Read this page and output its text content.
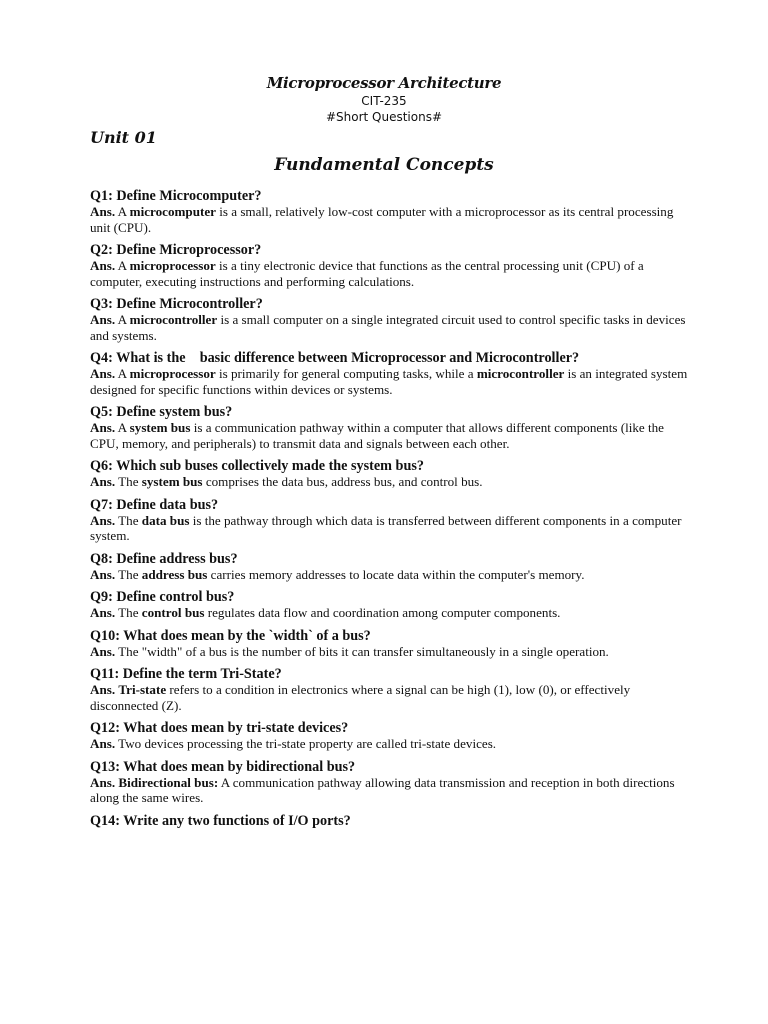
Microprocessor Architecture
CIT-235
#Short Questions#
Unit 01
Fundamental Concepts
Q1: Define Microcomputer?
Ans. A microcomputer is a small, relatively low-cost computer with a microprocessor as its central processing unit (CPU).
Q2: Define Microprocessor?
Ans. A microprocessor is a tiny electronic device that functions as the central processing unit (CPU) of a computer, executing instructions and performing calculations.
Q3: Define Microcontroller?
Ans. A microcontroller is a small computer on a single integrated circuit used to control specific tasks in devices and systems.
Q4: What is the    basic difference between Microprocessor and Microcontroller?
Ans. A microprocessor is primarily for general computing tasks, while a microcontroller is an integrated system designed for specific functions within devices or systems.
Q5: Define system bus?
Ans. A system bus is a communication pathway within a computer that allows different components (like the CPU, memory, and peripherals) to transmit data and signals between each other.
Q6: Which sub buses collectively made the system bus?
Ans. The system bus comprises the data bus, address bus, and control bus.
Q7: Define data bus?
Ans. The data bus is the pathway through which data is transferred between different components in a computer system.
Q8: Define address bus?
Ans. The address bus carries memory addresses to locate data within the computer's memory.
Q9: Define control bus?
Ans. The control bus regulates data flow and coordination among computer components.
Q10: What does mean by the `width` of a bus?
Ans. The "width" of a bus is the number of bits it can transfer simultaneously in a single operation.
Q11: Define the term Tri-State?
Ans. Tri-state refers to a condition in electronics where a signal can be high (1), low (0), or effectively disconnected (Z).
Q12: What does mean by tri-state devices?
Ans. Two devices processing the tri-state property are called tri-state devices.
Q13: What does mean by bidirectional bus?
Ans. Bidirectional bus: A communication pathway allowing data transmission and reception in both directions along the same wires.
Q14: Write any two functions of I/O ports?
